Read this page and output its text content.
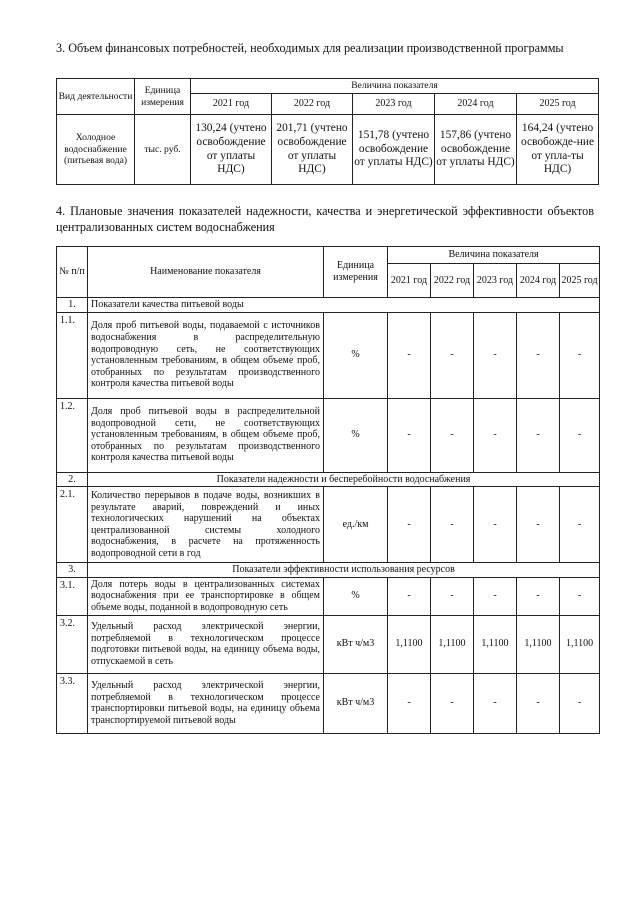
3. Объем финансовых потребностей, необходимых для реализации производственной программы
Вид деятельности	Единица измерения	Величина показателя				
		2021 год	2022 год	2023 год	2024 год	2025 год
Холодное водоснабжение (питьевая вода)	тыс. руб.	130,24 (учтено освобождение от уплаты НДС)	201,71 (учтено освобождение от уплаты НДС)	151,78 (учтено освобождение от уплаты НДС)	157,86 (учтено освобождение от уплаты НДС)	164,24 (учтено освобожде-ние от упла-ты НДС)
4. Плановые значения показателей надежности, качества и энергетической эффективности объектов централизованных систем водоснабжения
№ п/п	Наименование показателя	Единица измерения	Величина показателя				
			2021 год	2022 год	2023 год	2024 год	2025 год
1.	Показатели качества питьевой воды						
1.1.	Доля проб питьевой воды, подаваемой с источников водоснабжения в распределительную водопроводную сеть, не соответствующих установленным требованиям, в общем объеме проб, отобранных по результатам производственного контроля качества питьевой воды	%	-	-	-	-	-
1.2.	Доля проб питьевой воды в распределительной водопроводной сети, не соответствующих установленным требованиям, в общем объеме проб, отобранных по результатам производственного контроля качества питьевой воды	%	-	-	-	-	-
2.	Показатели надежности и бесперебойности водоснабжения						
2.1.	Количество перерывов в подаче воды, возникших в результате аварий, повреждений и иных технологических нарушений на объектах централизованной системы холодного водоснабжения, в расчете на протяженность водопроводной сети в год	ед./км	-	-	-	-	-
3.	Показатели эффективности использования ресурсов						
3.1.	Доля потерь воды в централизованных системах водоснабжения при ее транспортировке в общем объеме воды, поданной в водопроводную сеть	%	-	-	-	-	-
3.2.	Удельный расход электрической энергии, потребляемой в технологическом процессе подготовки питьевой воды, на единицу объема воды, отпускаемой в сеть	кВт ч/м3	1,1100	1,1100	1,1100	1,1100	1,1100
3.3.	Удельный расход электрической энергии, потребляемой в технологическом процессе транспортировки питьевой воды, на единицу объема транспортируемой питьевой воды	кВт ч/м3	-	-	-	-	-
